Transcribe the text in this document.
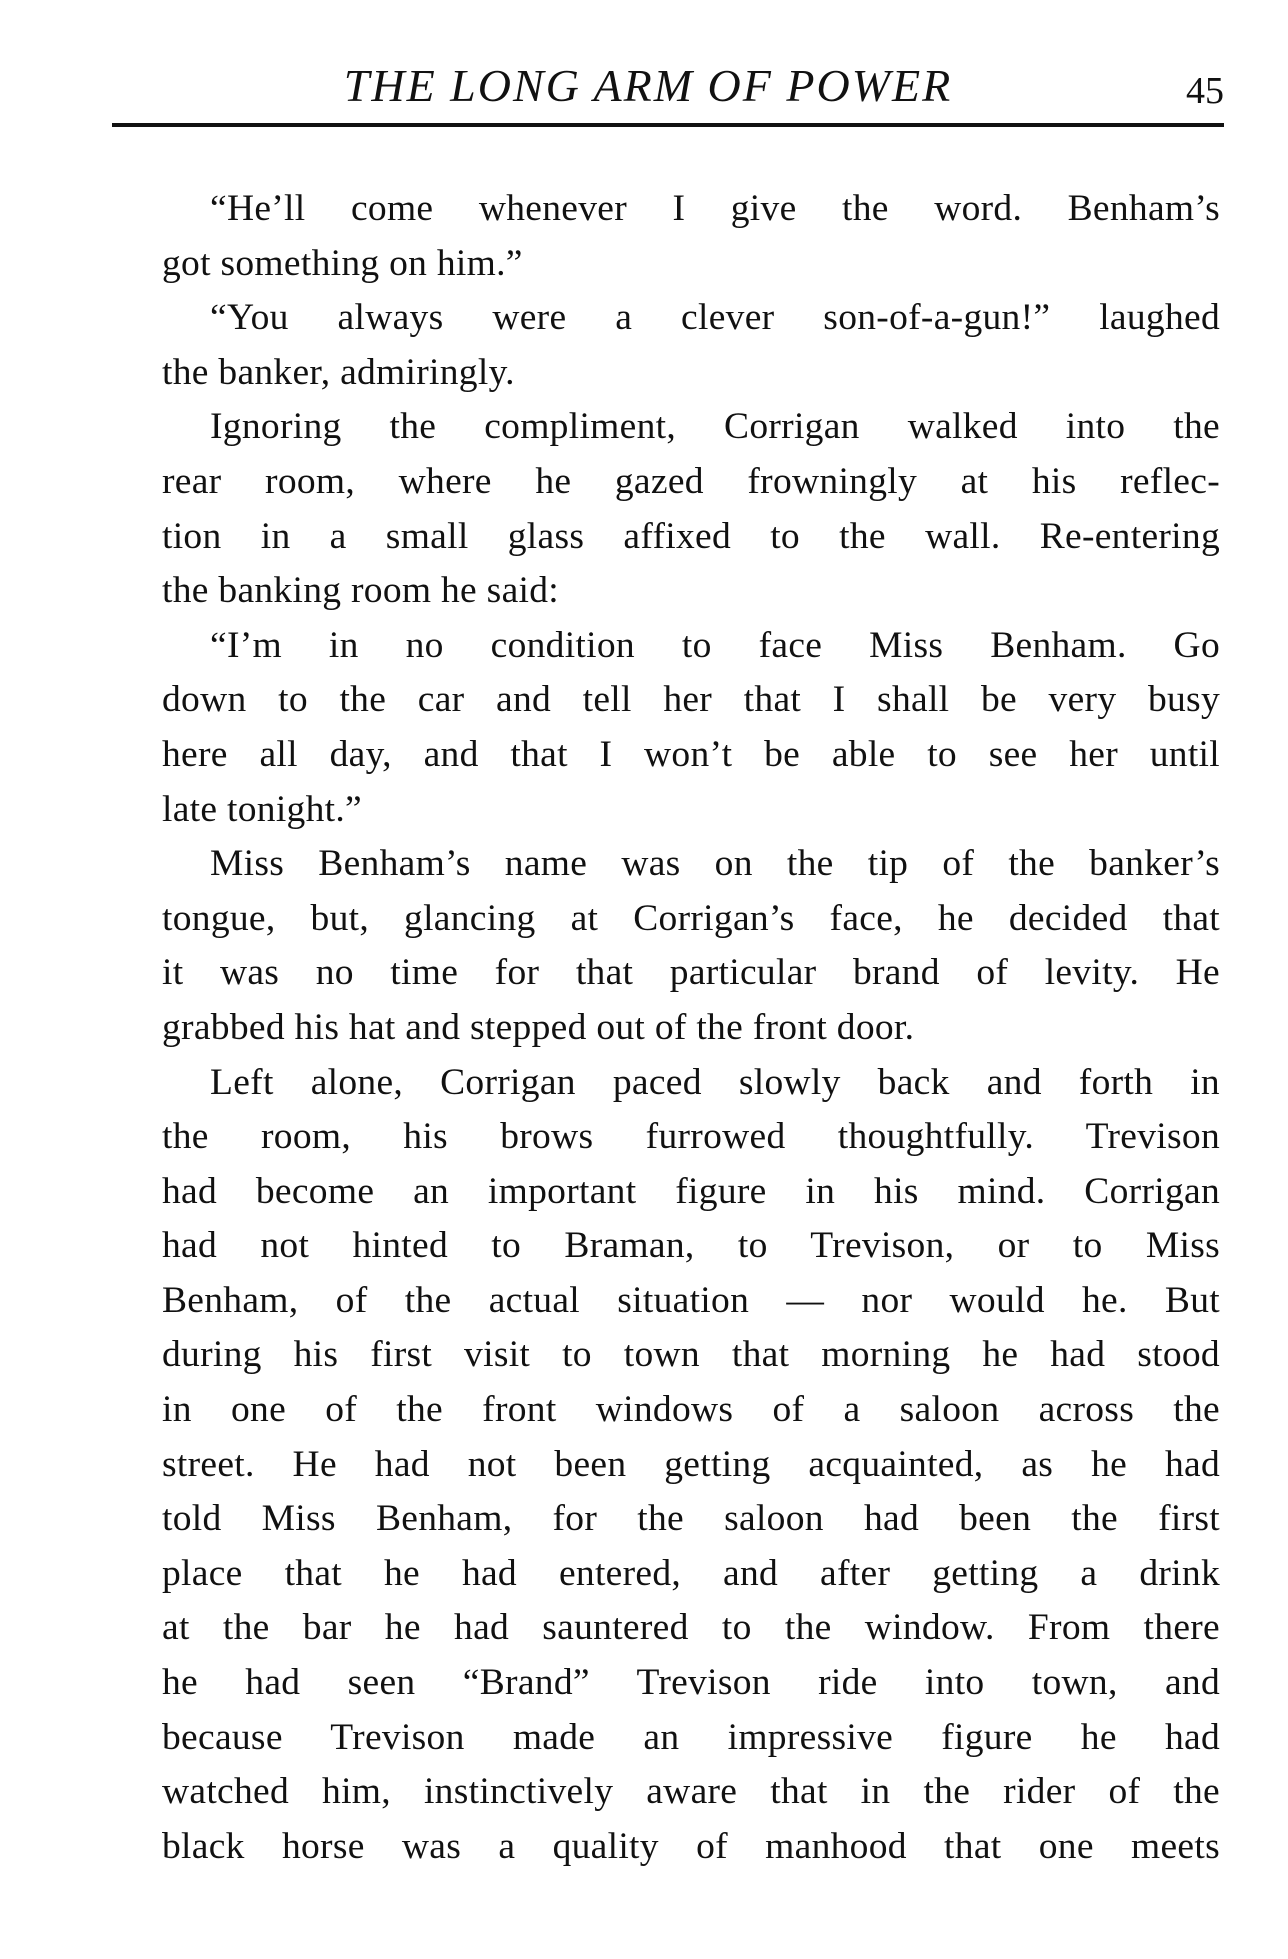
THE LONG ARM OF POWER	45
“He’ll come whenever I give the word. Benham’s
got something on him.”
“You always were a clever son-of-a-gun!” laughed
the banker, admiringly.
Ignoring the compliment, Corrigan walked into the
rear room, where he gazed frowningly at his reflec-
tion in a small glass affixed to the wall. Re-entering
the banking room he said:
“I’m in no condition to face Miss Benham. Go
down to the car and tell her that I shall be very busy
here all day, and that I won’t be able to see her until
late tonight.”
Miss Benham’s name was on the tip of the banker’s
tongue, but, glancing at Corrigan’s face, he decided that
it was no time for that particular brand of levity. He
grabbed his hat and stepped out of the front door.
Left alone, Corrigan paced slowly back and forth in
the room, his brows furrowed thoughtfully. Trevison
had become an important figure in his mind. Corrigan
had not hinted to Braman, to Trevison, or to Miss
Benham, of the actual situation — nor would he. But
during his first visit to town that morning he had stood
in one of the front windows of a saloon across the
street. He had not been getting acquainted, as he had
told Miss Benham, for the saloon had been the first
place that he had entered, and after getting a drink
at the bar he had sauntered to the window. From there
he had seen “Brand” Trevison ride into town, and
because Trevison made an impressive figure he had
watched him, instinctively aware that in the rider of the
black horse was a quality of manhood that one meets
